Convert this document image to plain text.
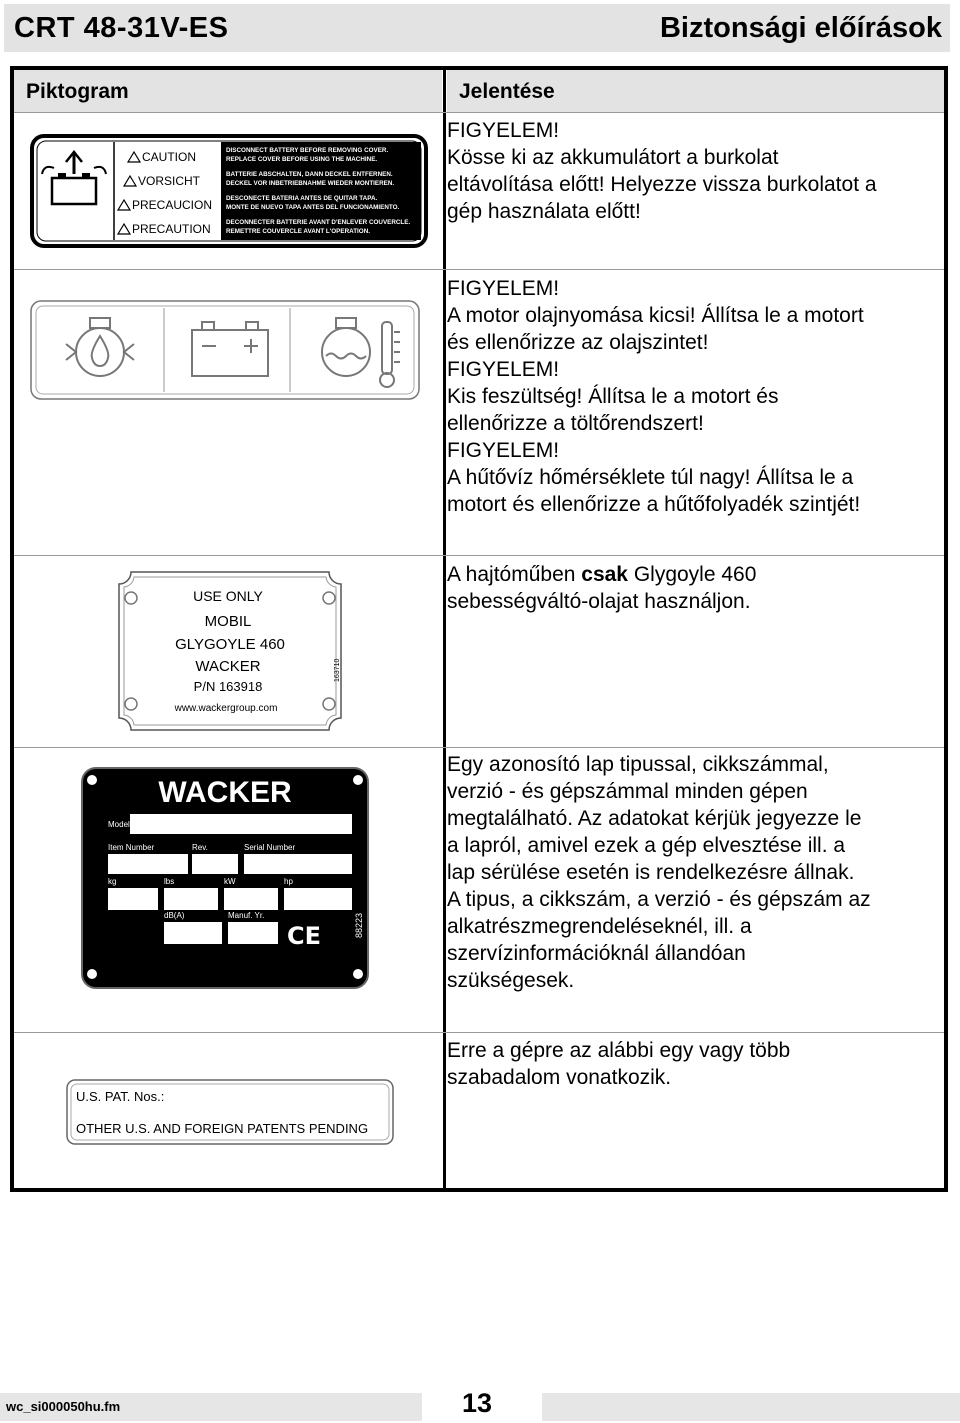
CRT 48-31V-ES	Biztonsági előírások
Piktogram	Jelentése
CAUTION
VORSICHT
PRECAUCION
PRECAUTION
DISCONNECT BATTERY BEFORE REMOVING COVER.
REPLACE COVER BEFORE USING THE MACHINE.
BATTERIE ABSCHALTEN, DANN DECKEL ENTFERNEN.
DECKEL VOR INBETRIEBNAHME WIEDER MONTIEREN.
DESCONECTE BATERIA ANTES DE QUITAR TAPA.
MONTE DE NUEVO TAPA ANTES DEL FUNCIONAMIENTO.
DECONNECTER BATTERIE AVANT D'ENLEVER COUVERCLE.
REMETTRE COUVERCLE AVANT L'OPERATION.
FIGYELEM!
Kösse ki az akkumulátort a burkolat
eltávolítása előtt! Helyezze vissza burkolatot a
gép használata előtt!
FIGYELEM!
A motor olajnyomása kicsi! Állítsa le a motort
és ellenőrizze az olajszintet!
FIGYELEM!
Kis feszültség! Állítsa le a motort és
ellenőrizze a töltőrendszert!
FIGYELEM!
A hűtővíz hőmérséklete túl nagy! Állítsa le a
motort és ellenőrizze a hűtőfolyadék szintjét!
USE ONLY
MOBIL
GLYGOYLE 460
WACKER
P/N 163918
www.wackergroup.com
163710
A hajtóműben csak Glygoyle 460
sebességváltó-olajat használjon.
WACKER
Model
Item Number	Rev.	Serial Number
kg	lbs	kW	hp
dB(A)	Manuf. Yr.
CE	88223
Egy azonosító lap tipussal, cikkszámmal,
verzió - és gépszámmal minden gépen
megtalálható. Az adatokat kérjük jegyezze le
a lapról, amivel ezek a gép elvesztése ill. a
lap sérülése esetén is rendelkezésre állnak.
A tipus, a cikkszám, a verzió - és gépszám az
alkatrészmegrendeléseknél, ill. a
szervízinformációknál állandóan
szükségesek.
U.S. PAT. Nos.:
OTHER U.S. AND FOREIGN PATENTS PENDING
Erre a gépre az alábbi egy vagy több
szabadalom vonatkozik.
wc_si000050hu.fm	13
